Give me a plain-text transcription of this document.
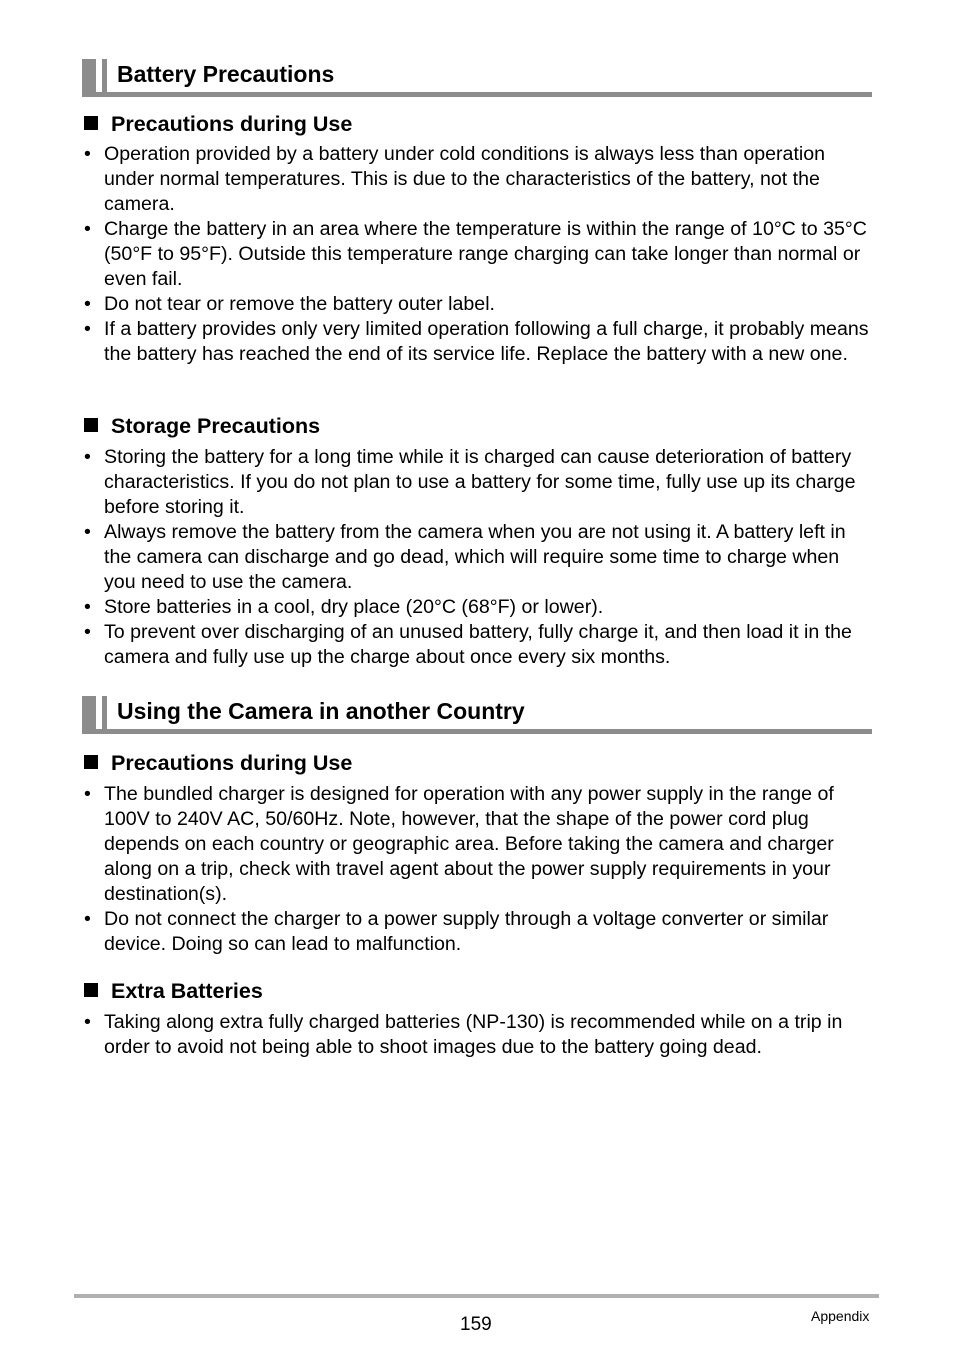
Battery Precautions
Precautions during Use
• Operation provided by a battery under cold conditions is always less than operation under normal temperatures. This is due to the characteristics of the battery, not the camera.
• Charge the battery in an area where the temperature is within the range of 10°C to 35°C (50°F to 95°F). Outside this temperature range charging can take longer than normal or even fail.
• Do not tear or remove the battery outer label.
• If a battery provides only very limited operation following a full charge, it probably means the battery has reached the end of its service life. Replace the battery with a new one.
Storage Precautions
• Storing the battery for a long time while it is charged can cause deterioration of battery characteristics. If you do not plan to use a battery for some time, fully use up its charge before storing it.
• Always remove the battery from the camera when you are not using it. A battery left in the camera can discharge and go dead, which will require some time to charge when you need to use the camera.
• Store batteries in a cool, dry place (20°C (68°F) or lower).
• To prevent over discharging of an unused battery, fully charge it, and then load it in the camera and fully use up the charge about once every six months.
Using the Camera in another Country
Precautions during Use
• The bundled charger is designed for operation with any power supply in the range of 100V to 240V AC, 50/60Hz. Note, however, that the shape of the power cord plug depends on each country or geographic area. Before taking the camera and charger along on a trip, check with travel agent about the power supply requirements in your destination(s).
• Do not connect the charger to a power supply through a voltage converter or similar device. Doing so can lead to malfunction.
Extra Batteries
• Taking along extra fully charged batteries (NP-130) is recommended while on a trip in order to avoid not being able to shoot images due to the battery going dead.
159	Appendix
